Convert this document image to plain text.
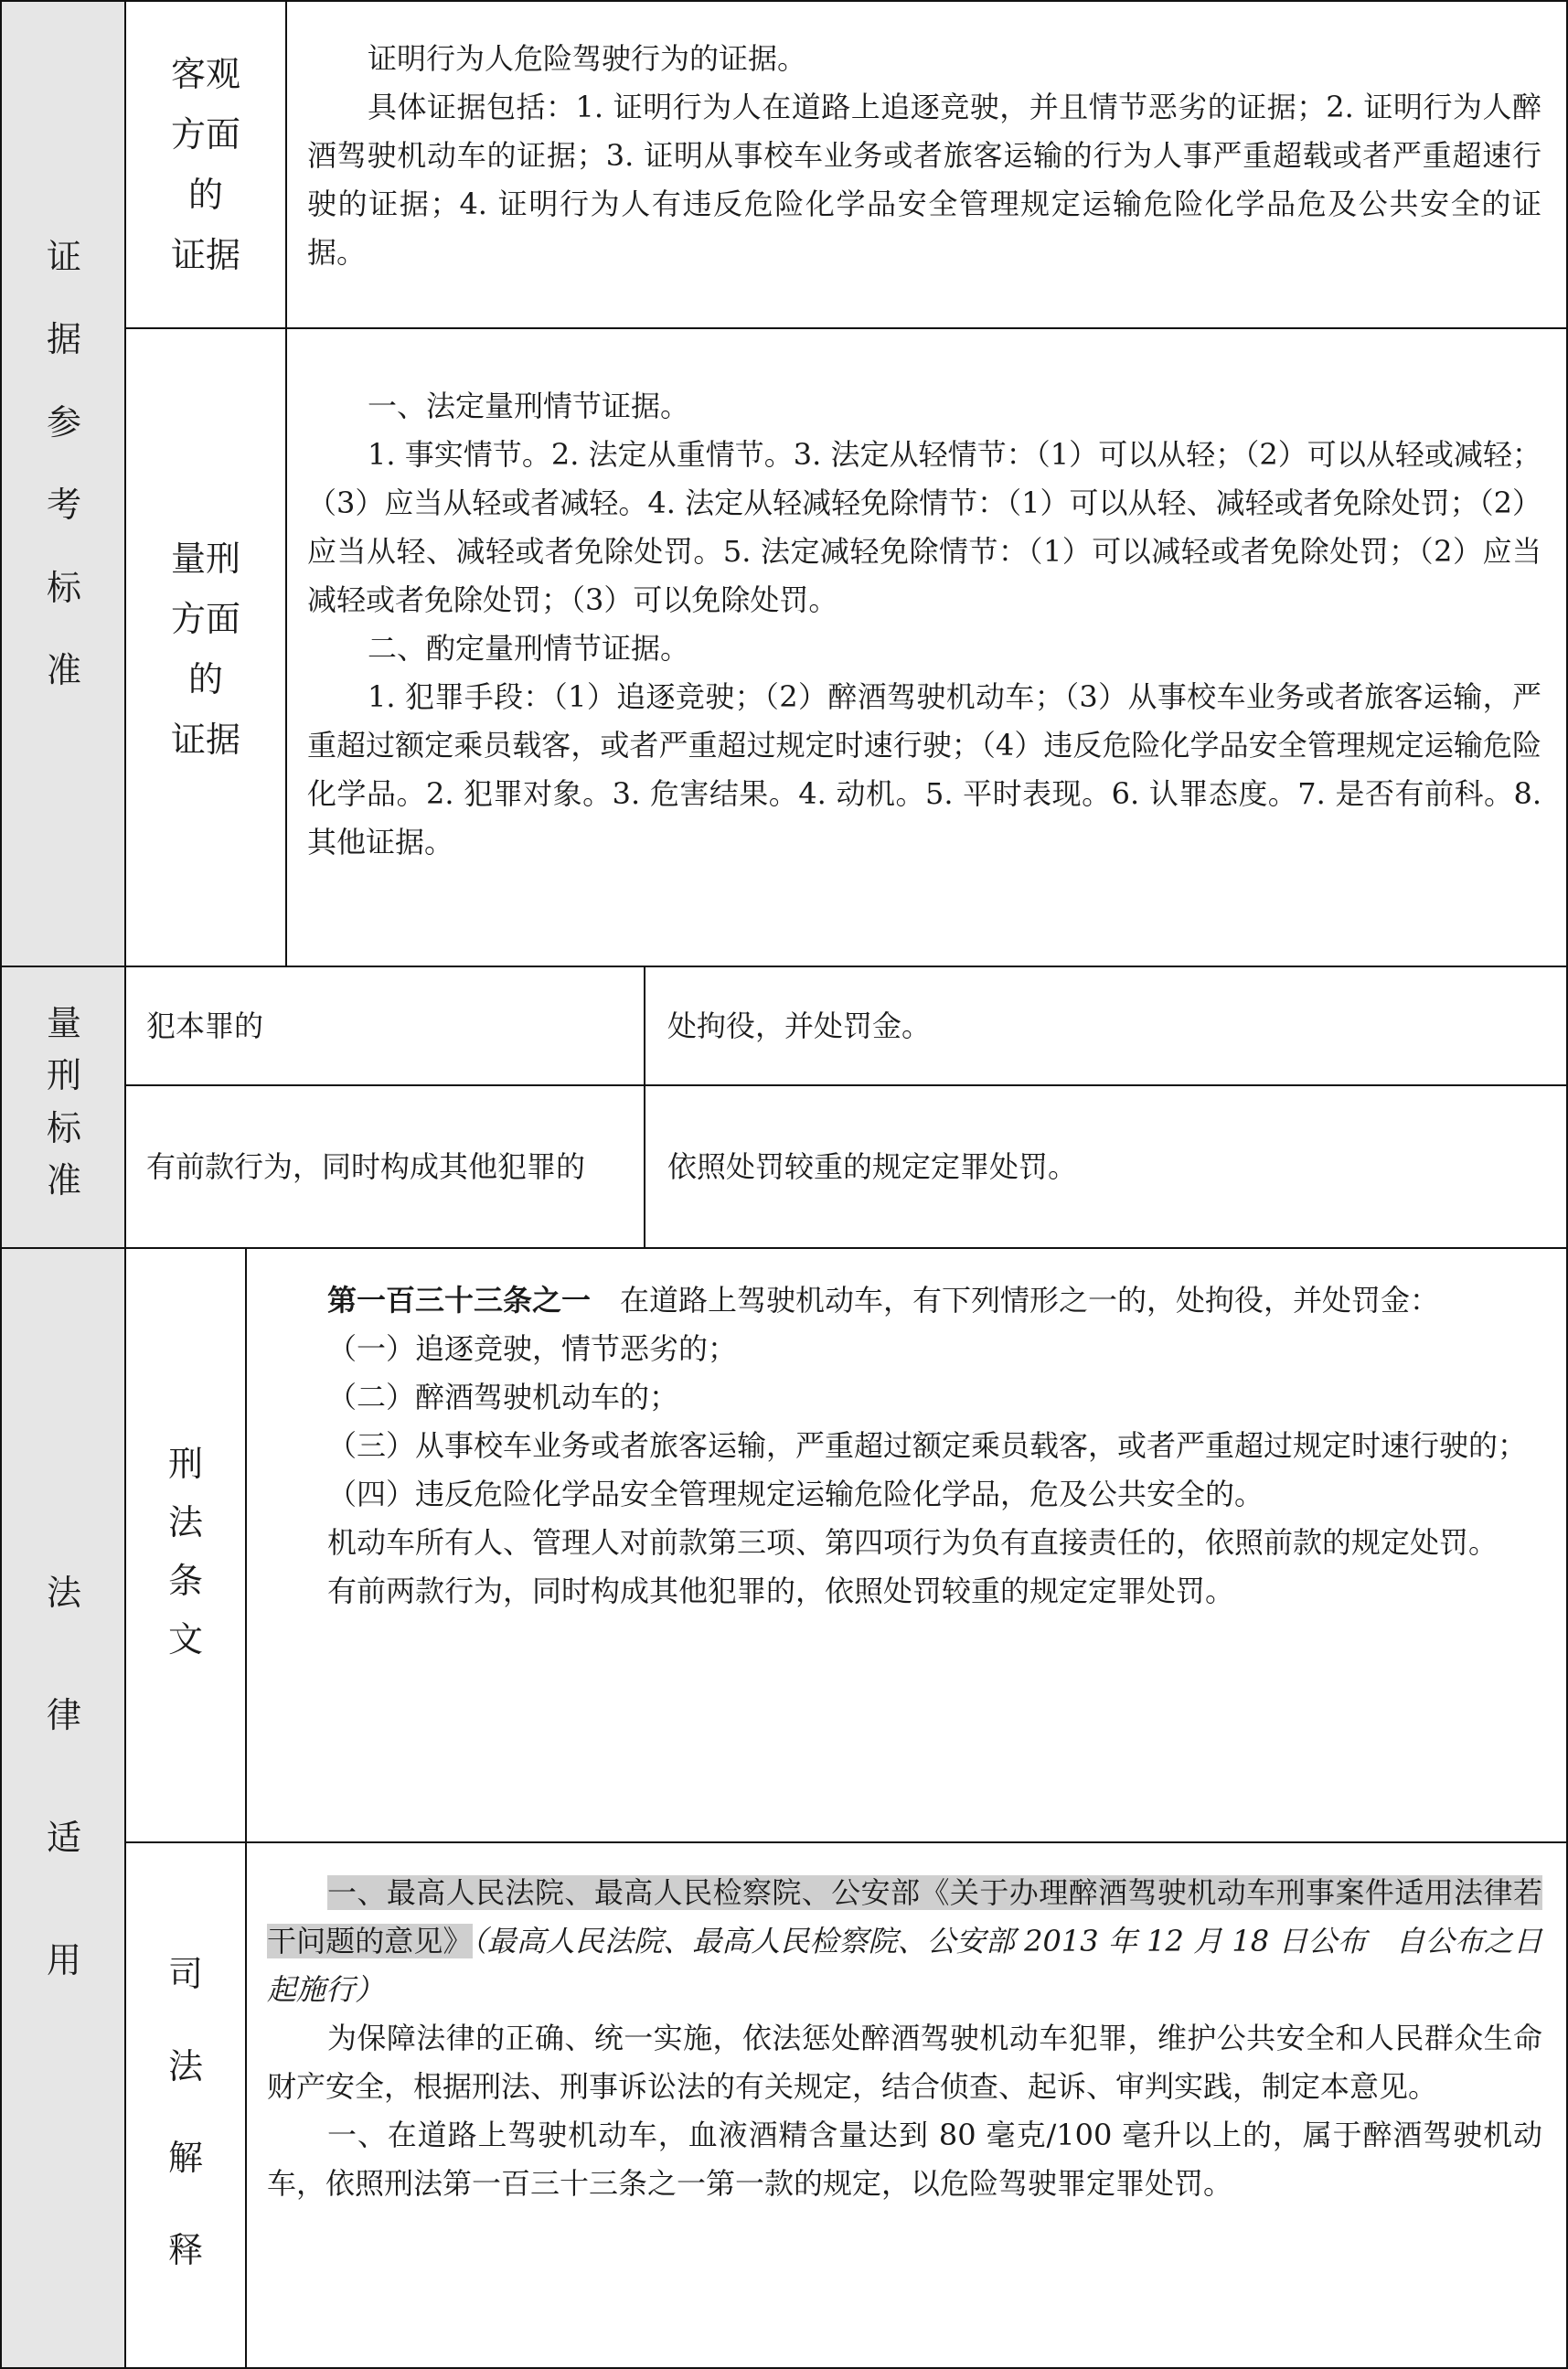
证
据
参
考
标
准
客观
方面
的
证据

证明行为人危险驾驶行为的证据。

具体证据包括：1. 证明行为人在道路上追逐竞驶，并且情节恶劣的证据；2. 证明行为人醉酒驾驶机动车的证据；3. 证明从事校车业务或者旅客运输的行为人事严重超载或者严重超速行驶的证据；4. 证明行为人有违反危险化学品安全管理规定运输危险化学品危及公共安全的证据。

量刑
方面
的
证据

一、法定量刑情节证据。

1. 事实情节。2. 法定从重情节。3. 法定从轻情节：（1）可以从轻；（2）可以从轻或减轻；（3）应当从轻或者减轻。4. 法定从轻减轻免除情节：（1）可以从轻、减轻或者免除处罚；（2）应当从轻、减轻或者免除处罚。5. 法定减轻免除情节：（1）可以减轻或者免除处罚；（2）应当减轻或者免除处罚；（3）可以免除处罚。

二、酌定量刑情节证据。

1. 犯罪手段：（1）追逐竞驶；（2）醉酒驾驶机动车；（3）从事校车业务或者旅客运输，严重超过额定乘员载客，或者严重超过规定时速行驶；（4）违反危险化学品安全管理规定运输危险化学品。2. 犯罪对象。3. 危害结果。4. 动机。5. 平时表现。6. 认罪态度。7. 是否有前科。8. 其他证据。

量
刑
标
准
犯本罪的	处拘役，并处罚金。
有前款行为，同时构成其他犯罪的	依照处罚较重的规定定罪处罚。
法
律
适
用
刑
法
条
文

第一百三十三条之一　在道路上驾驶机动车，有下列情形之一的，处拘役，并处罚金：

（一）追逐竞驶，情节恶劣的；

（二）醉酒驾驶机动车的；

（三）从事校车业务或者旅客运输，严重超过额定乘员载客，或者严重超过规定时速行驶的；

（四）违反危险化学品安全管理规定运输危险化学品，危及公共安全的。

机动车所有人、管理人对前款第三项、第四项行为负有直接责任的，依照前款的规定处罚。

有前两款行为，同时构成其他犯罪的，依照处罚较重的规定定罪处罚。

司
法
解
释

一、最高人民法院、最高人民检察院、公安部《关于办理醉酒驾驶机动车刑事案件适用法律若干问题的意见》（最高人民法院、最高人民检察院、公安部 2013 年 12 月 18 日公布　自公布之日起施行）

为保障法律的正确、统一实施，依法惩处醉酒驾驶机动车犯罪，维护公共安全和人民群众生命财产安全，根据刑法、刑事诉讼法的有关规定，结合侦查、起诉、审判实践，制定本意见。

一、在道路上驾驶机动车，血液酒精含量达到 80 毫克/100 毫升以上的，属于醉酒驾驶机动车，依照刑法第一百三十三条之一第一款的规定，以危险驾驶罪定罪处罚。
